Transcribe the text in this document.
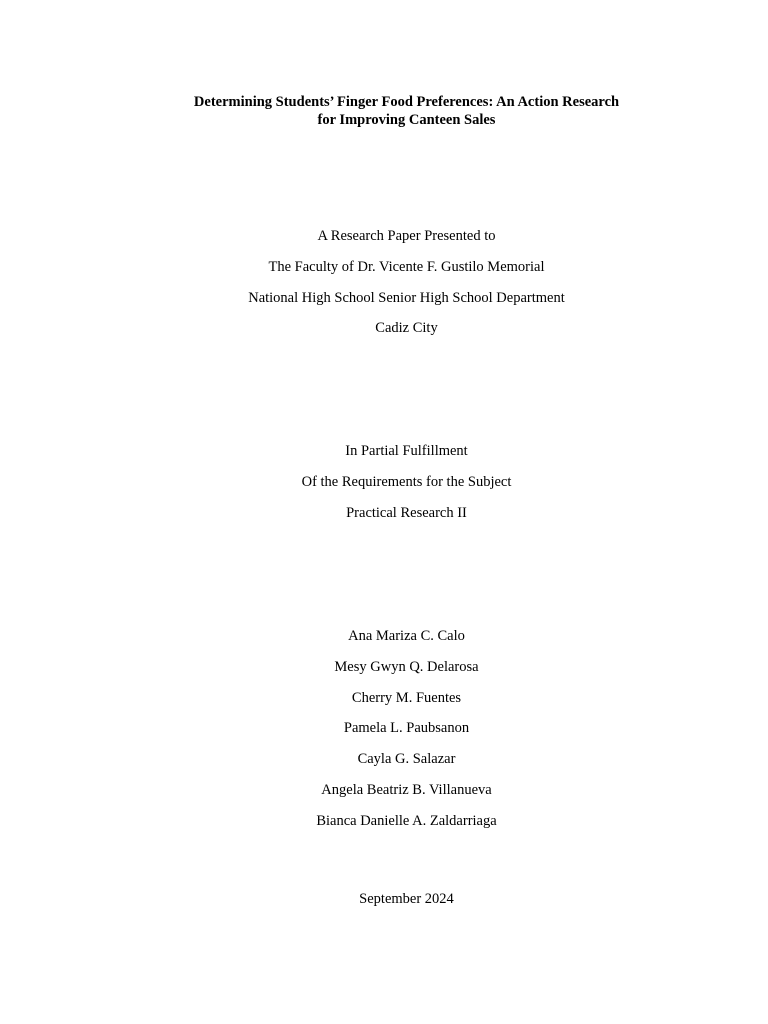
Determining Students’ Finger Food Preferences: An Action Research
for Improving Canteen Sales
A Research Paper Presented to
The Faculty of Dr. Vicente F. Gustilo Memorial
National High School Senior High School Department
Cadiz City
In Partial Fulfillment
Of the Requirements for the Subject
Practical Research II
Ana Mariza C. Calo
Mesy Gwyn Q. Delarosa
Cherry M. Fuentes
Pamela L. Paubsanon
Cayla G. Salazar
Angela Beatriz B. Villanueva
Bianca Danielle A. Zaldarriaga
September 2024
